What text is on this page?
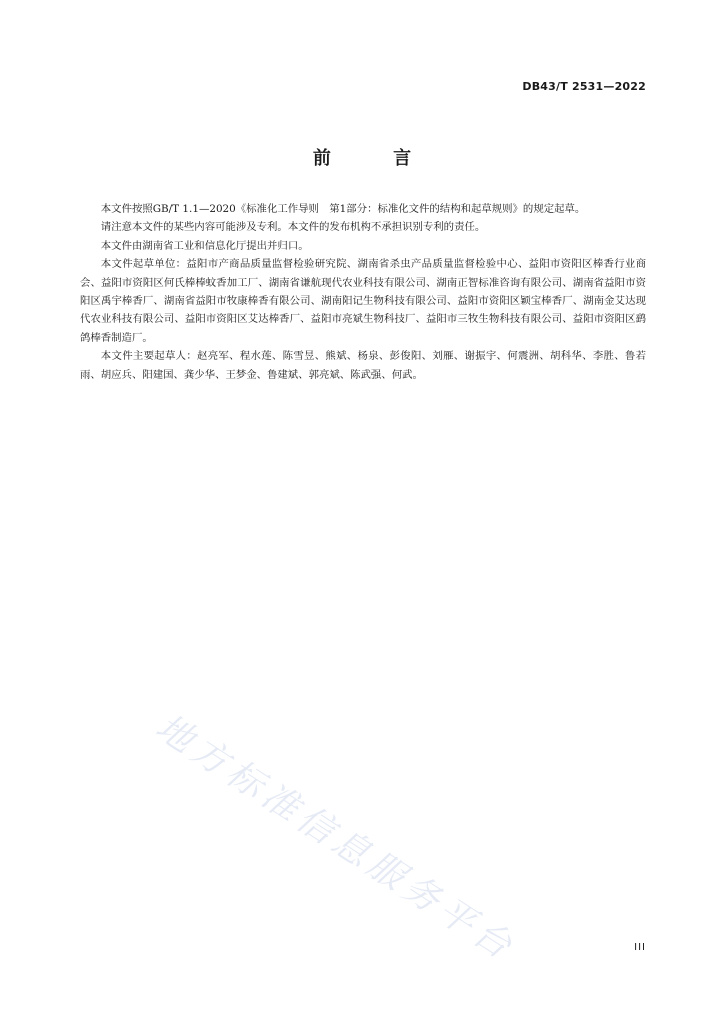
DB43/T 2531—2022
前 言

本文件按照GB/T 1.1—2020《标准化工作导则　第1部分：标准化文件的结构和起草规则》的规定起草。

请注意本文件的某些内容可能涉及专利。本文件的发布机构不承担识别专利的责任。

本文件由湖南省工业和信息化厅提出并归口。

本文件起草单位：益阳市产商品质量监督检验研究院、湖南省杀虫产品质量监督检验中心、益阳市资阳区棒香行业商会、益阳市资阳区何氏棒棒蚊香加工厂、湖南省谦航现代农业科技有限公司、湖南正智标准咨询有限公司、湖南省益阳市资阳区禹宇棒香厂、湖南省益阳市牧康棒香有限公司、湖南阳记生物科技有限公司、益阳市资阳区颖宝棒香厂、湖南金艾达现代农业科技有限公司、益阳市资阳区艾达棒香厂、益阳市亮斌生物科技厂、益阳市三牧生物科技有限公司、益阳市资阳区鹞鸽棒香制造厂。

本文件主要起草人：赵亮军、程水莲、陈雪昱、熊斌、杨泉、彭俊阳、刘雁、谢振宇、何震洲、胡科华、李胜、鲁若雨、胡应兵、阳建国、龚少华、王梦金、鲁建斌、郭亮斌、陈武强、何武。

地方标准信息服务平台	III
